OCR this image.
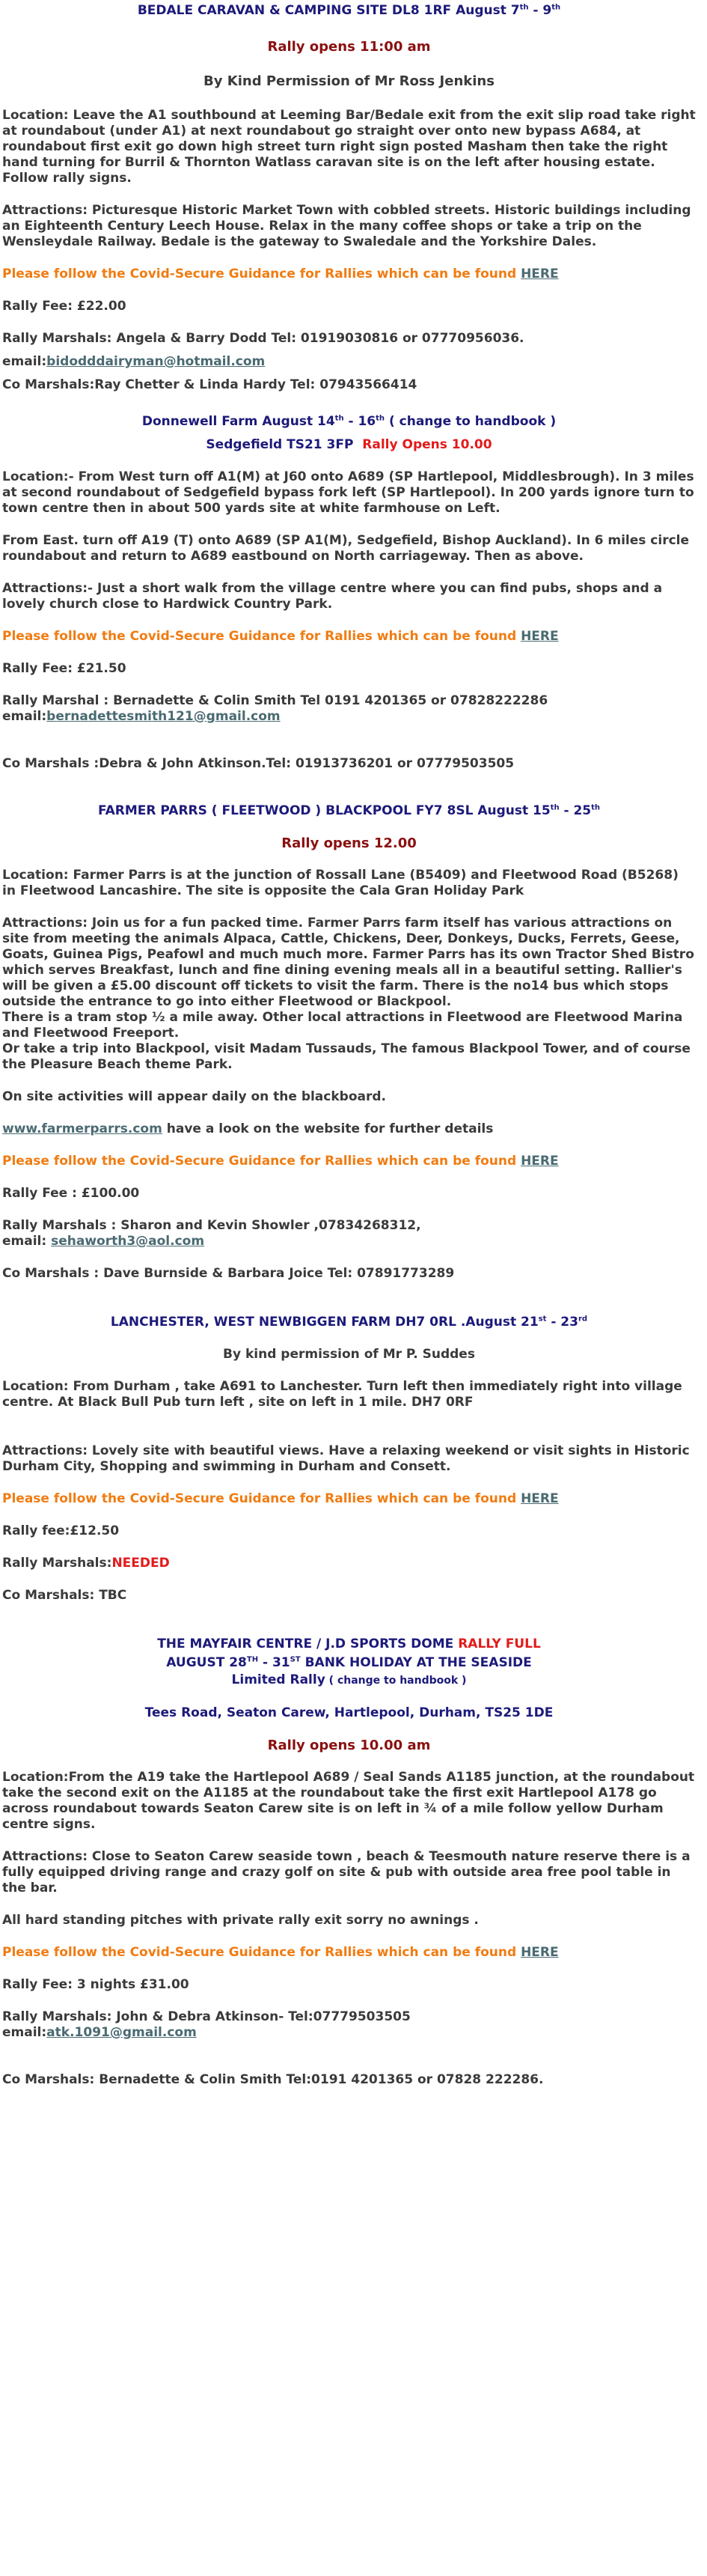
BEDALE CARAVAN & CAMPING SITE DL8 1RF August 7th - 9th

Rally opens 11:00 am

By Kind Permission of Mr Ross Jenkins

Location: Leave the A1 southbound at Leeming Bar/Bedale exit from the exit slip road take right at roundabout (under A1) at next roundabout go straight over onto new bypass A684, at roundabout first exit go down high street turn right sign posted Masham then take the right hand turning for Burril & Thornton Watlass caravan site is on the left after housing estate. Follow rally signs.

Attractions: Picturesque Historic Market Town with cobbled streets. Historic buildings including an Eighteenth Century Leech House. Relax in the many coffee shops or take a trip on the Wensleydale Railway. Bedale is the gateway to Swaledale and the Yorkshire Dales.

Please follow the Covid-Secure Guidance for Rallies which can be found HERE

Rally Fee: £22.00

Rally Marshals: Angela & Barry Dodd Tel: 01919030816 or 07770956036.

email:bidodddairyman@hotmail.com

Co Marshals:Ray Chetter & Linda Hardy Tel: 07943566414

Donnewell Farm August 14th - 16th ( change to handbook )

Sedgefield TS21 3FP Rally Opens 10.00

Location:- From West turn off A1(M) at J60 onto A689 (SP Hartlepool, Middlesbrough). In 3 miles at second roundabout of Sedgefield bypass fork left (SP Hartlepool). In 200 yards ignore turn to town centre then in about 500 yards site at white farmhouse on Left.

From East. turn off A19 (T) onto A689 (SP A1(M), Sedgefield, Bishop Auckland). In 6 miles circle roundabout and return to A689 eastbound on North carriageway. Then as above.

Attractions:- Just a short walk from the village centre where you can find pubs, shops and a lovely church close to Hardwick Country Park.

Please follow the Covid-Secure Guidance for Rallies which can be found HERE

Rally Fee: £21.50

Rally Marshal : Bernadette & Colin Smith Tel 0191 4201365 or 07828222286

email:bernadettesmith121@gmail.com

Co Marshals :Debra & John Atkinson.Tel: 01913736201 or 07779503505

FARMER PARRS ( FLEETWOOD ) BLACKPOOL FY7 8SL August 15th - 25th

Rally opens 12.00

Location: Farmer Parrs is at the junction of Rossall Lane (B5409) and Fleetwood Road (B5268) in Fleetwood Lancashire. The site is opposite the Cala Gran Holiday Park

Attractions: Join us for a fun packed time. Farmer Parrs farm itself has various attractions on site from meeting the animals Alpaca, Cattle, Chickens, Deer, Donkeys, Ducks, Ferrets, Geese, Goats, Guinea Pigs, Peafowl and much much more. Farmer Parrs has its own Tractor Shed Bistro which serves Breakfast, lunch and fine dining evening meals all in a beautiful setting. Rallier's will be given a £5.00 discount off tickets to visit the farm. There is the no14 bus which stops outside the entrance to go into either Fleetwood or Blackpool.
There is a tram stop ½ a mile away. Other local attractions in Fleetwood are Fleetwood Marina and Fleetwood Freeport.
Or take a trip into Blackpool, visit Madam Tussauds, The famous Blackpool Tower, and of course the Pleasure Beach theme Park.

On site activities will appear daily on the blackboard.

www.farmerparrs.com have a look on the website for further details

Please follow the Covid-Secure Guidance for Rallies which can be found HERE

Rally Fee : £100.00

Rally Marshals : Sharon and Kevin Showler ,07834268312,

email: sehaworth3@aol.com

Co Marshals : Dave Burnside & Barbara Joice Tel: 07891773289

LANCHESTER, WEST NEWBIGGEN FARM DH7 0RL .August 21st - 23rd

By kind permission of Mr P. Suddes

Location: From Durham , take A691 to Lanchester. Turn left then immediately right into village centre. At Black Bull Pub turn left , site on left in 1 mile. DH7 0RF

Attractions: Lovely site with beautiful views. Have a relaxing weekend or visit sights in Historic Durham City, Shopping and swimming in Durham and Consett.

Please follow the Covid-Secure Guidance for Rallies which can be found HERE

Rally fee:£12.50

Rally Marshals:NEEDED

Co Marshals: TBC

THE MAYFAIR CENTRE / J.D SPORTS DOME RALLY FULL

AUGUST 28TH - 31ST BANK HOLIDAY AT THE SEASIDE

Limited Rally ( change to handbook )

Tees Road, Seaton Carew, Hartlepool, Durham, TS25 1DE

Rally opens 10.00 am

Location:From the A19 take the Hartlepool A689 / Seal Sands A1185 junction, at the roundabout take the second exit on the A1185 at the roundabout take the first exit Hartlepool A178 go across roundabout towards Seaton Carew site is on left in ¾ of a mile follow yellow Durham centre signs.

Attractions: Close to Seaton Carew seaside town , beach & Teesmouth nature reserve there is a fully equipped driving range and crazy golf on site & pub with outside area free pool table in the bar.

All hard standing pitches with private rally exit sorry no awnings .

Please follow the Covid-Secure Guidance for Rallies which can be found HERE

Rally Fee: 3 nights £31.00

Rally Marshals: John & Debra Atkinson- Tel:07779503505

email:atk.1091@gmail.com

Co Marshals: Bernadette & Colin Smith Tel:0191 4201365 or 07828 222286.
